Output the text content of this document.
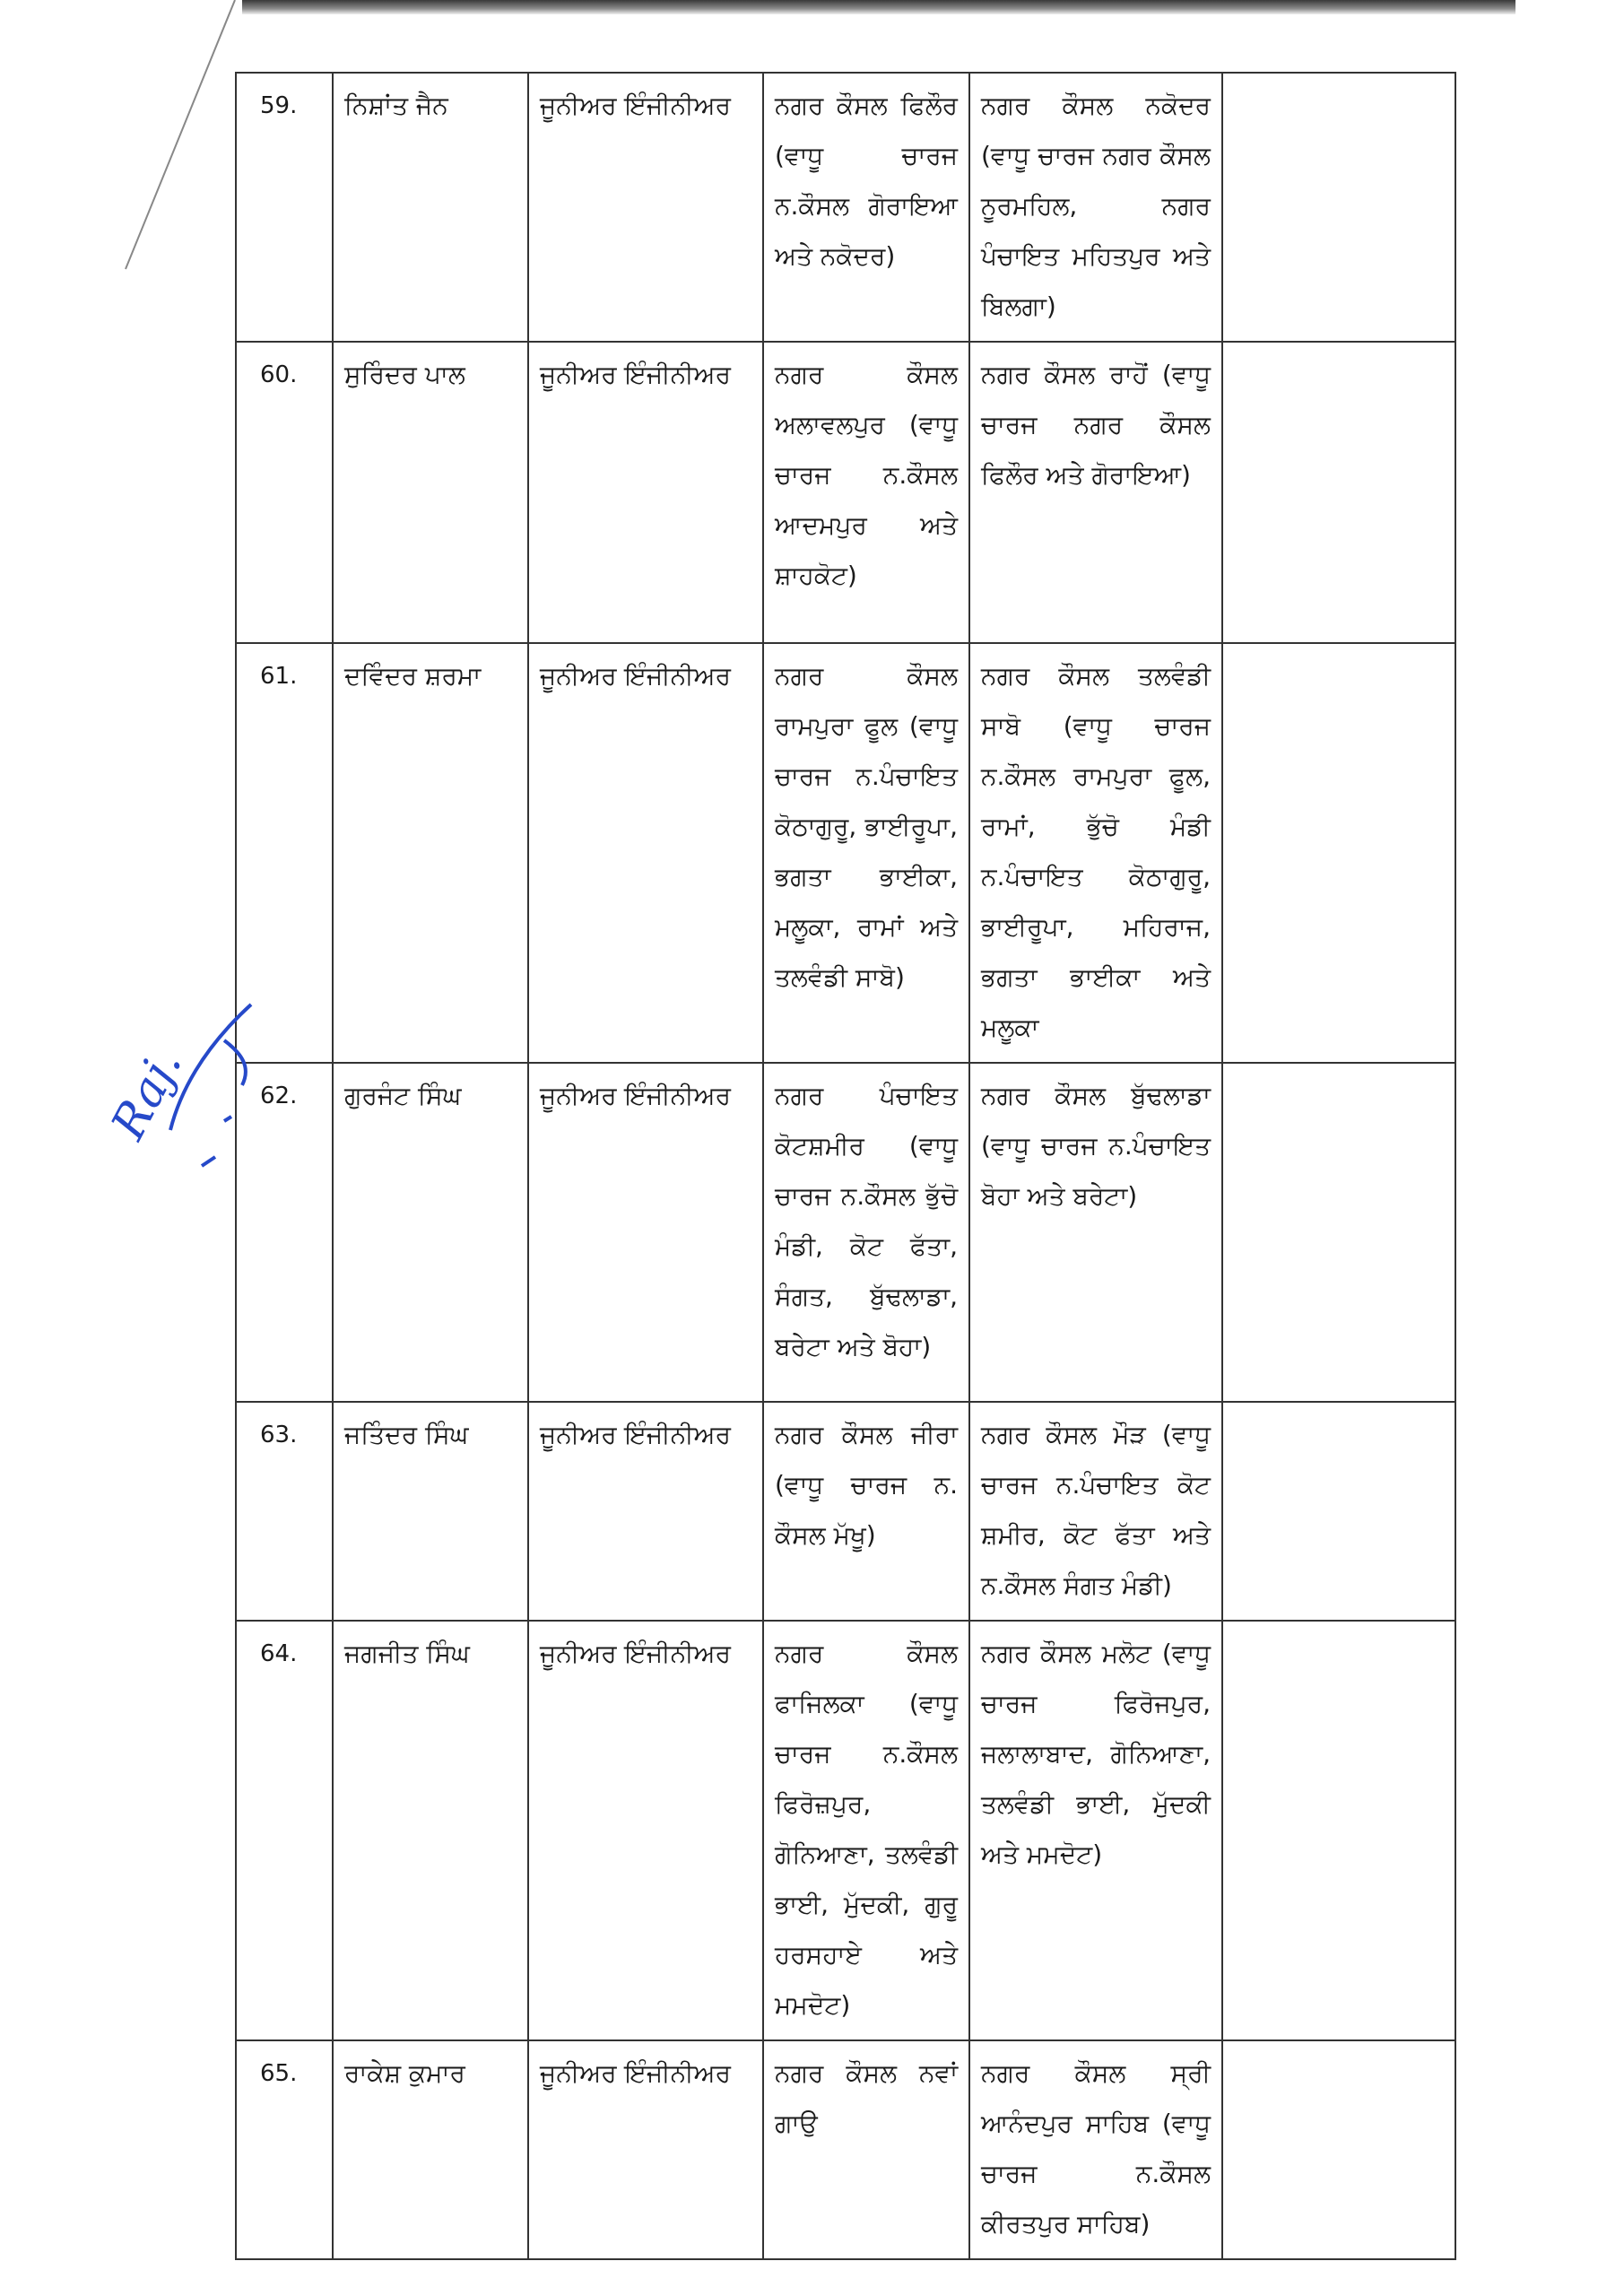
59.	ਨਿਸ਼ਾਂਤ ਜੈਨ	ਜੂਨੀਅਰ ਇੰਜੀਨੀਅਰ	ਨਗਰ ਕੌਸਲ ਫਿਲੌਰ (ਵਾਧੂ ਚਾਰਜ ਨ.ਕੌਸਲ ਗੋਰਾਇਆ ਅਤੇ ਨਕੋਦਰ)	ਨਗਰ ਕੌਸਲ ਨਕੋਦਰ (ਵਾਧੂ ਚਾਰਜ ਨਗਰ ਕੌਸਲ ਨੂਰਮਹਿਲ, ਨਗਰ ਪੰਚਾਇਤ ਮਹਿਤਪੁਰ ਅਤੇ ਬਿਲਗਾ)	
60.	ਸੁਰਿੰਦਰ ਪਾਲ	ਜੂਨੀਅਰ ਇੰਜੀਨੀਅਰ	ਨਗਰ ਕੌਸਲ ਅਲਾਵਲਪੁਰ (ਵਾਧੂ ਚਾਰਜ ਨ.ਕੌਸਲ ਆਦਮਪੁਰ ਅਤੇ ਸ਼ਾਹਕੋਟ)	ਨਗਰ ਕੌਸਲ ਰਾਹੋਂ (ਵਾਧੂ ਚਾਰਜ ਨਗਰ ਕੌਸਲ ਫਿਲੌਰ ਅਤੇ ਗੋਰਾਇਆ)	
61.	ਦਵਿੰਦਰ ਸ਼ਰਮਾ	ਜੂਨੀਅਰ ਇੰਜੀਨੀਅਰ	ਨਗਰ ਕੌਸਲ ਰਾਮਪੁਰਾ ਫੂਲ (ਵਾਧੂ ਚਾਰਜ ਨ.ਪੰਚਾਇਤ ਕੋਠਾਗੁਰੂ, ਭਾਈਰੂਪਾ, ਭਗਤਾ ਭਾਈਕਾ, ਮਲੂਕਾ, ਰਾਮਾਂ ਅਤੇ ਤਲਵੰਡੀ ਸਾਬੋ)	ਨਗਰ ਕੌਸਲ ਤਲਵੰਡੀ ਸਾਬੋ (ਵਾਧੂ ਚਾਰਜ ਨ.ਕੌਸਲ ਰਾਮਪੁਰਾ ਫੂਲ, ਰਾਮਾਂ, ਭੁੱਚੋ ਮੰਡੀ ਨ.ਪੰਚਾਇਤ ਕੋਠਾਗੁਰੂ, ਭਾਈਰੂਪਾ, ਮਹਿਰਾਜ, ਭਗਤਾ ਭਾਈਕਾ ਅਤੇ ਮਲੂਕਾ	
62.	ਗੁਰਜੰਟ ਸਿੰਘ	ਜੂਨੀਅਰ ਇੰਜੀਨੀਅਰ	ਨਗਰ ਪੰਚਾਇਤ ਕੋਟਸ਼ਮੀਰ (ਵਾਧੂ ਚਾਰਜ ਨ.ਕੌਸਲ ਭੁੱਚੋ ਮੰਡੀ, ਕੋਟ ਫੱਤਾ, ਸੰਗਤ, ਬੁੱਢਲਾਡਾ, ਬਰੇਟਾ ਅਤੇ ਬੋਹਾ)	ਨਗਰ ਕੌਸਲ ਬੁੱਢਲਾਡਾ (ਵਾਧੂ ਚਾਰਜ ਨ.ਪੰਚਾਇਤ ਬੋਹਾ ਅਤੇ ਬਰੇਟਾ)	
63.	ਜਤਿੰਦਰ ਸਿੰਘ	ਜੂਨੀਅਰ ਇੰਜੀਨੀਅਰ	ਨਗਰ ਕੌਸਲ ਜੀਰਾ (ਵਾਧੂ ਚਾਰਜ ਨ. ਕੌਸਲ ਮੱਖੂ)	ਨਗਰ ਕੌਸਲ ਮੌੜ (ਵਾਧੂ ਚਾਰਜ ਨ.ਪੰਚਾਇਤ ਕੋਟ ਸ਼ਮੀਰ, ਕੋਟ ਫੱਤਾ ਅਤੇ ਨ.ਕੌਸਲ ਸੰਗਤ ਮੰਡੀ)	
64.	ਜਗਜੀਤ ਸਿੰਘ	ਜੂਨੀਅਰ ਇੰਜੀਨੀਅਰ	ਨਗਰ ਕੌਸਲ ਫਾਜਿਲਕਾ (ਵਾਧੂ ਚਾਰਜ ਨ.ਕੌਸਲ ਫਿਰੋਜ਼ਪੁਰ, ਗੋਨਿਆਣਾ, ਤਲਵੰਡੀ ਭਾਈ, ਮੁੱਦਕੀ, ਗੁਰੂ ਹਰਸਹਾਏ ਅਤੇ ਮਮਦੋਟ)	ਨਗਰ ਕੌਸਲ ਮਲੋਟ (ਵਾਧੂ ਚਾਰਜ ਫਿਰੋਜਪੁਰ, ਜਲਾਲਾਬਾਦ, ਗੋਨਿਆਣਾ, ਤਲਵੰਡੀ ਭਾਈ, ਮੁੱਦਕੀ ਅਤੇ ਮਮਦੋਟ)	
65.	ਰਾਕੇਸ਼ ਕੁਮਾਰ	ਜੂਨੀਅਰ ਇੰਜੀਨੀਅਰ	ਨਗਰ ਕੌਸਲ ਨਵਾਂ ਗਾਉ	ਨਗਰ ਕੌਸਲ ਸ੍ਰੀ ਆਨੰਦਪੁਰ ਸਾਹਿਬ (ਵਾਧੂ ਚਾਰਜ ਨ.ਕੌਸਲ ਕੀਰਤਪੁਰ ਸਾਹਿਬ)	
Raj.
